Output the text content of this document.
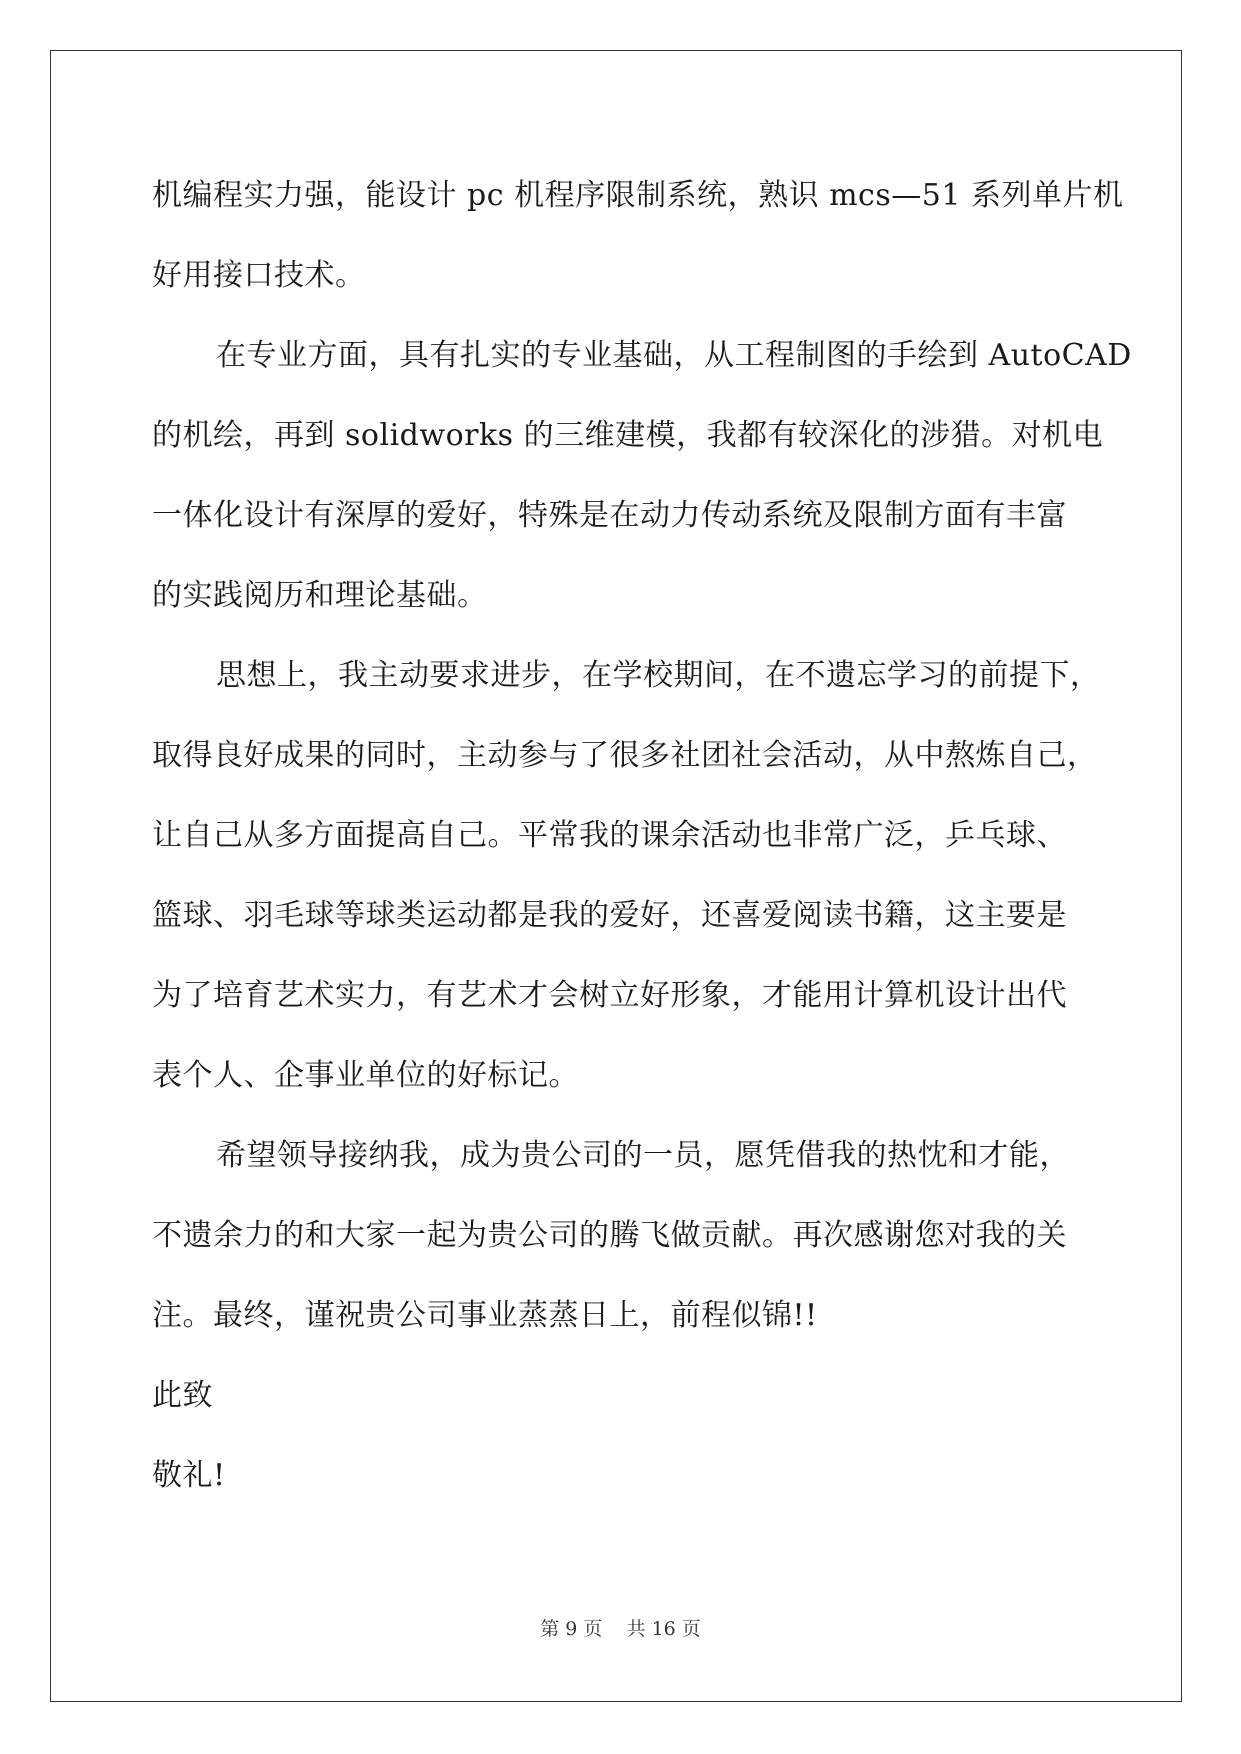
机编程实力强，能设计 pc 机程序限制系统，熟识 mcs—51 系列单片机
好用接口技术。
在专业方面，具有扎实的专业基础，从工程制图的手绘到 AutoCAD
的机绘，再到 solidworks 的三维建模，我都有较深化的涉猎。对机电
一体化设计有深厚的爱好，特殊是在动力传动系统及限制方面有丰富
的实践阅历和理论基础。
思想上，我主动要求进步，在学校期间，在不遗忘学习的前提下，
取得良好成果的同时，主动参与了很多社团社会活动，从中熬炼自己，
让自己从多方面提高自己。平常我的课余活动也非常广泛，乒乓球、
篮球、羽毛球等球类运动都是我的爱好，还喜爱阅读书籍，这主要是
为了培育艺术实力，有艺术才会树立好形象，才能用计算机设计出代
表个人、企事业单位的好标记。
希望领导接纳我，成为贵公司的一员，愿凭借我的热忱和才能，
不遗余力的和大家一起为贵公司的腾飞做贡献。再次感谢您对我的关
注。最终，谨祝贵公司事业蒸蒸日上，前程似锦!!
此致
敬礼!
第 9 页    共 16 页
